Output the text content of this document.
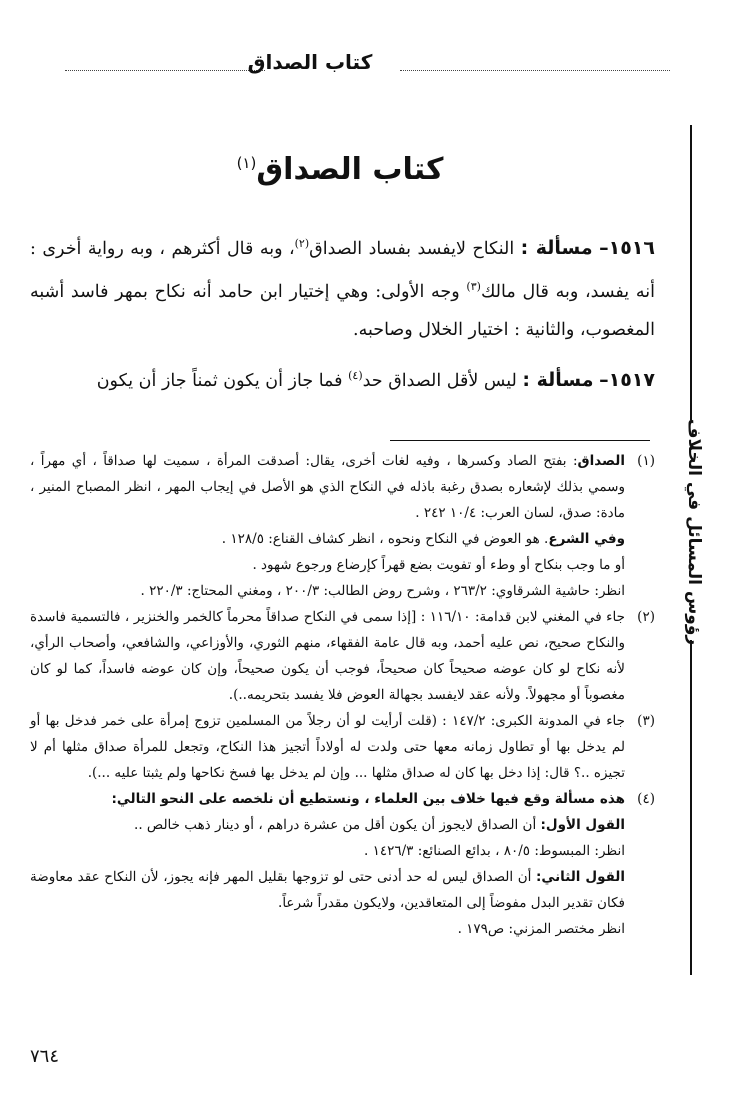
كتاب الصداق
رؤوس المسائل في الخلاف
كتاب الصداق$^{(١)}$
١٥١٦– مسألة : النكاح لايفسد بفساد الصداق$^{(٢)}$، وبه قال أكثرهم ، وبه رواية أخرى : أنه يفسد، وبه قال مالك$^{(٣)}$ وجه الأولى: وهي إختيار ابن حامد أنه نكاح بمهر فاسد أشبه المغصوب، والثانية : اختيار الخلال وصاحبه.
١٥١٧– مسألة : ليس لأقل الصداق حد$^{(٤)}$ فما جاز أن يكون ثمناً جاز أن يكون
(١)

الصداق: بفتح الصاد وكسرها ، وفيه لغات أخرى، يقال: أصدقت المرأة ، سميت لها صداقاً ، أي مهراً ، وسمي بذلك لإشعاره بصدق رغبة باذله في النكاح الذي هو الأصل في إيجاب المهر ، انظر المصباح المنير ، مادة: صدق، لسان العرب: ١٠/٤ ٢٤٢ .

وفي الشرع. هو العوض في النكاح ونحوه ، انظر كشاف القناع: ١٢٨/٥ .

أو ما وجب بنكاح أو وطء أو تفويت بضع قهراً كإرضاع ورجوع شهود .

انظر: حاشية الشرقاوي: ٢٦٣/٢ ، وشرح روض الطالب: ٢٠٠/٣ ، ومغني المحتاج: ٢٢٠/٣ .

(٢)

جاء في المغني لابن قدامة: ١١٦/١٠ : [إذا سمى في النكاح صداقاً محرماً كالخمر والخنزير ، فالتسمية فاسدة والنكاح صحيح، نص عليه أحمد، وبه قال عامة الفقهاء، منهم الثوري، والأوزاعي، والشافعي، وأصحاب الرأي، لأنه نكاح لو كان عوضه صحيحاً كان صحيحاً، فوجب أن يكون صحيحاً، وإن كان عوضه فاسداً، كما لو كان مغصوباً أو مجهولاً. ولأنه عقد لايفسد بجهالة العوض فلا يفسد بتحريمه..).

(٣)

جاء في المدونة الكبرى: ١٤٧/٢ : (قلت أرأيت لو أن رجلاً من المسلمين تزوج إمرأة على خمر فدخل بها أو لم يدخل بها أو تطاول زمانه معها حتى ولدت له أولاداً أتجيز هذا النكاح، وتجعل للمرأة صداق مثلها أم لا تجيزه ..؟ قال: إذا دخل بها كان له صداق مثلها ... وإن لم يدخل بها فسخ نكاحها ولم يثبتا عليه ...).

(٤)

هذه مسألة وقع فيها خلاف بين العلماء ، ونستطيع أن نلخصه على النحو التالي:

القول الأول: أن الصداق لايجوز أن يكون أقل من عشرة دراهم ، أو دينار ذهب خالص ..

انظر: المبسوط: ٨٠/٥ ، بدائع الصنائع: ١٤٢٦/٣ .

القول الثاني: أن الصداق ليس له حد أدنى حتى لو تزوجها بقليل المهر فإنه يجوز، لأن النكاح عقد معاوضة فكان تقدير البدل مفوضاً إلى المتعاقدين، ولايكون مقدراً شرعاً.

انظر مختصر المزني: ص١٧٩ .

٧٦٤
